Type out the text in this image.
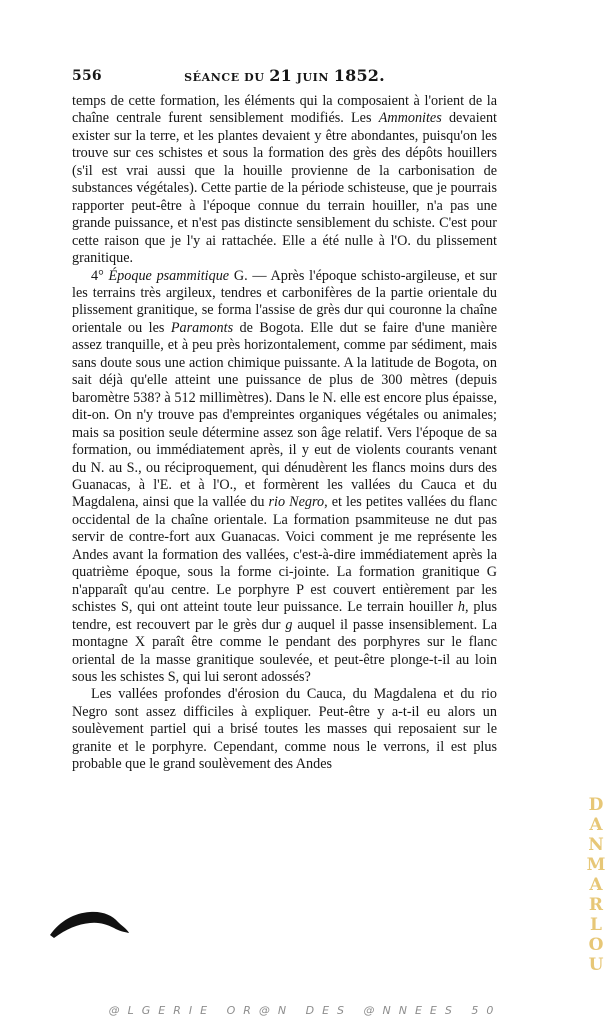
556	SÉANCE DU 21 JUIN 1852.

temps de cette formation, les éléments qui la composaient à l'orient de la chaîne centrale furent sensiblement modifiés. Les Ammonites devaient exister sur la terre, et les plantes devaient y être abondantes, puisqu'on les trouve sur ces schistes et sous la formation des grès des dépôts houillers (s'il est vrai aussi que la houille provienne de la carbonisation de substances végétales). Cette partie de la période schisteuse, que je pourrais rapporter peut-être à l'époque connue du terrain houiller, n'a pas une grande puissance, et n'est pas distincte sensiblement du schiste. C'est pour cette raison que je l'y ai rattachée. Elle a été nulle à l'O. du plissement granitique.

4° Époque psammitique G. — Après l'époque schisto-argileuse, et sur les terrains très argileux, tendres et carbonifères de la partie orientale du plissement granitique, se forma l'assise de grès dur qui couronne la chaîne orientale ou les Paramonts de Bogota. Elle dut se faire d'une manière assez tranquille, et à peu près horizontalement, comme par sédiment, mais sans doute sous une action chimique puissante. A la latitude de Bogota, on sait déjà qu'elle atteint une puissance de plus de 300 mètres (depuis baromètre 538? à 512 millimètres). Dans le N. elle est encore plus épaisse, dit-on. On n'y trouve pas d'empreintes organiques végétales ou animales; mais sa position seule détermine assez son âge relatif. Vers l'époque de sa formation, ou immédiatement après, il y eut de violents courants venant du N. au S., ou réciproquement, qui dénudèrent les flancs moins durs des Guanacas, à l'E. et à l'O., et formèrent les vallées du Cauca et du Magdalena, ainsi que la vallée du rio Negro, et les petites vallées du flanc occidental de la chaîne orientale. La formation psammiteuse ne dut pas servir de contre-fort aux Guanacas. Voici comment je me représente les Andes avant la formation des vallées, c'est-à-dire immédiatement après la quatrième époque, sous la forme ci-jointe. La formation granitique G n'apparaît qu'au centre. Le porphyre P est couvert entièrement par les schistes S, qui ont atteint toute leur puissance. Le terrain houiller h, plus tendre, est recouvert par le grès dur g auquel il passe insensiblement. La montagne X paraît être comme le pendant des porphyres sur le flanc oriental de la masse granitique soulevée, et peut-être plonge-t-il au loin sous les schistes S, qui lui seront adossés?

Les vallées profondes d'érosion du Cauca, du Magdalena et du rio Negro sont assez difficiles à expliquer. Peut-être y a-t-il eu alors un soulèvement partiel qui a brisé toutes les masses qui reposaient sur le granite et le porphyre. Cependant, comme nous le verrons, il est plus probable que le grand soulèvement des Andes

DANMARLOU
@LGERIE OR@N DES @NNEES 50
